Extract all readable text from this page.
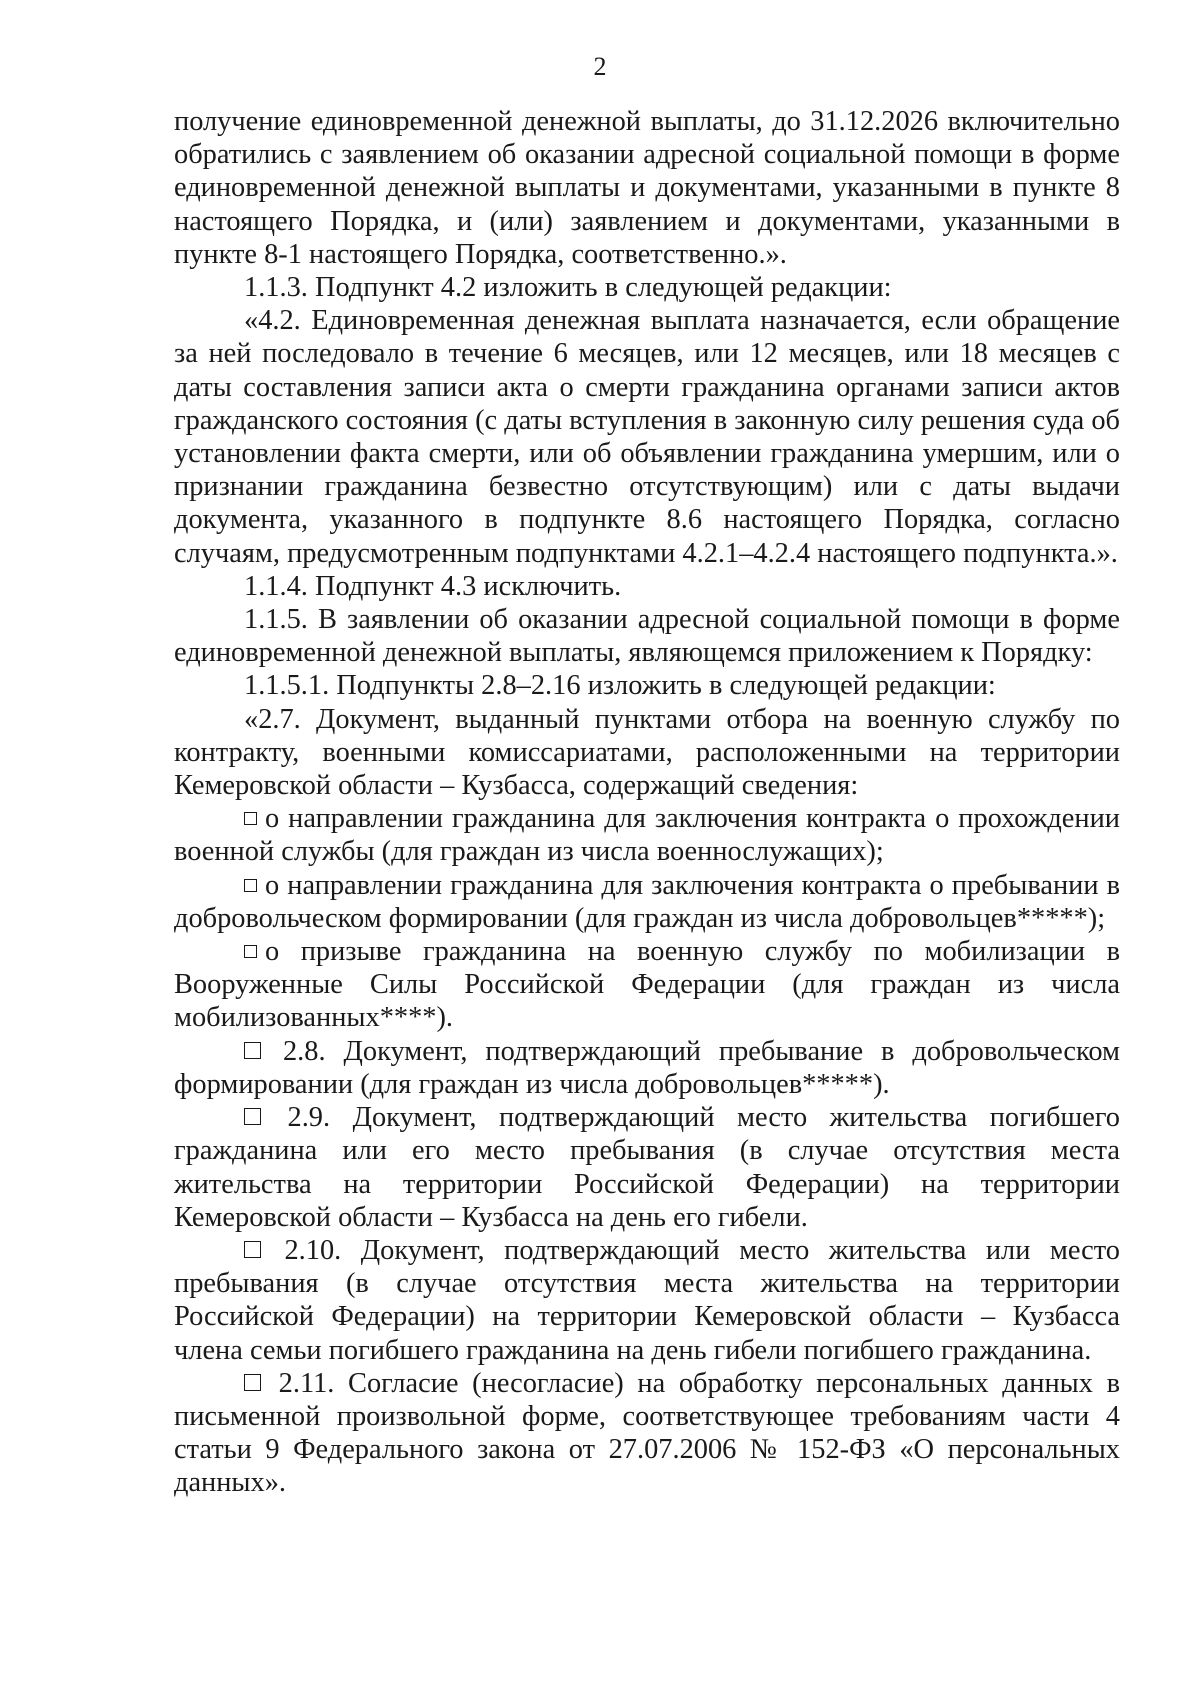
2

получение единовременной денежной выплаты, до 31.12.2026 включительно обратились с заявлением об оказании адресной социальной помощи в форме единовременной денежной выплаты и документами, указанными в пункте 8 настоящего Порядка, и (или) заявлением и документами, указанными в пункте 8-1 настоящего Порядка, соответственно.».

1.1.3. Подпункт 4.2 изложить в следующей редакции:

«4.2. Единовременная денежная выплата назначается, если обращение за ней последовало в течение 6 месяцев, или 12 месяцев, или 18 месяцев с даты составления записи акта о смерти гражданина органами записи актов гражданского состояния (с даты вступления в законную силу решения суда об установлении факта смерти, или об объявлении гражданина умершим, или о признании гражданина безвестно отсутствующим) или с даты выдачи документа, указанного в подпункте 8.6 настоящего Порядка, согласно случаям, предусмотренным подпунктами 4.2.1–4.2.4 настоящего подпункта.».

1.1.4. Подпункт 4.3 исключить.

1.1.5. В заявлении об оказании адресной социальной помощи в форме единовременной денежной выплаты, являющемся приложением к Порядку:

1.1.5.1. Подпункты 2.8–2.16 изложить в следующей редакции:

«2.7. Документ, выданный пунктами отбора на военную службу по контракту, военными комиссариатами, расположенными на территории Кемеровской области – Кузбасса, содержащий сведения:

о направлении гражданина для заключения контракта о прохождении военной службы (для граждан из числа военнослужащих);

о направлении гражданина для заключения контракта о пребывании в добровольческом формировании (для граждан из числа добровольцев*****);

о призыве гражданина на военную службу по мобилизации в Вооруженные Силы Российской Федерации (для граждан из числа мобилизованных****).

2.8. Документ, подтверждающий пребывание в добровольческом формировании (для граждан из числа добровольцев*****).

2.9. Документ, подтверждающий место жительства погибшего гражданина или его место пребывания (в случае отсутствия места жительства на территории Российской Федерации) на территории Кемеровской области – Кузбасса на день его гибели.

2.10. Документ, подтверждающий место жительства или место пребывания (в случае отсутствия места жительства на территории Российской Федерации) на территории Кемеровской области – Кузбасса члена семьи погибшего гражданина на день гибели погибшего гражданина.

2.11. Согласие (несогласие) на обработку персональных данных в письменной произвольной форме, соответствующее требованиям части 4 статьи 9 Федерального закона от 27.07.2006 № 152-ФЗ «О персональных данных».
